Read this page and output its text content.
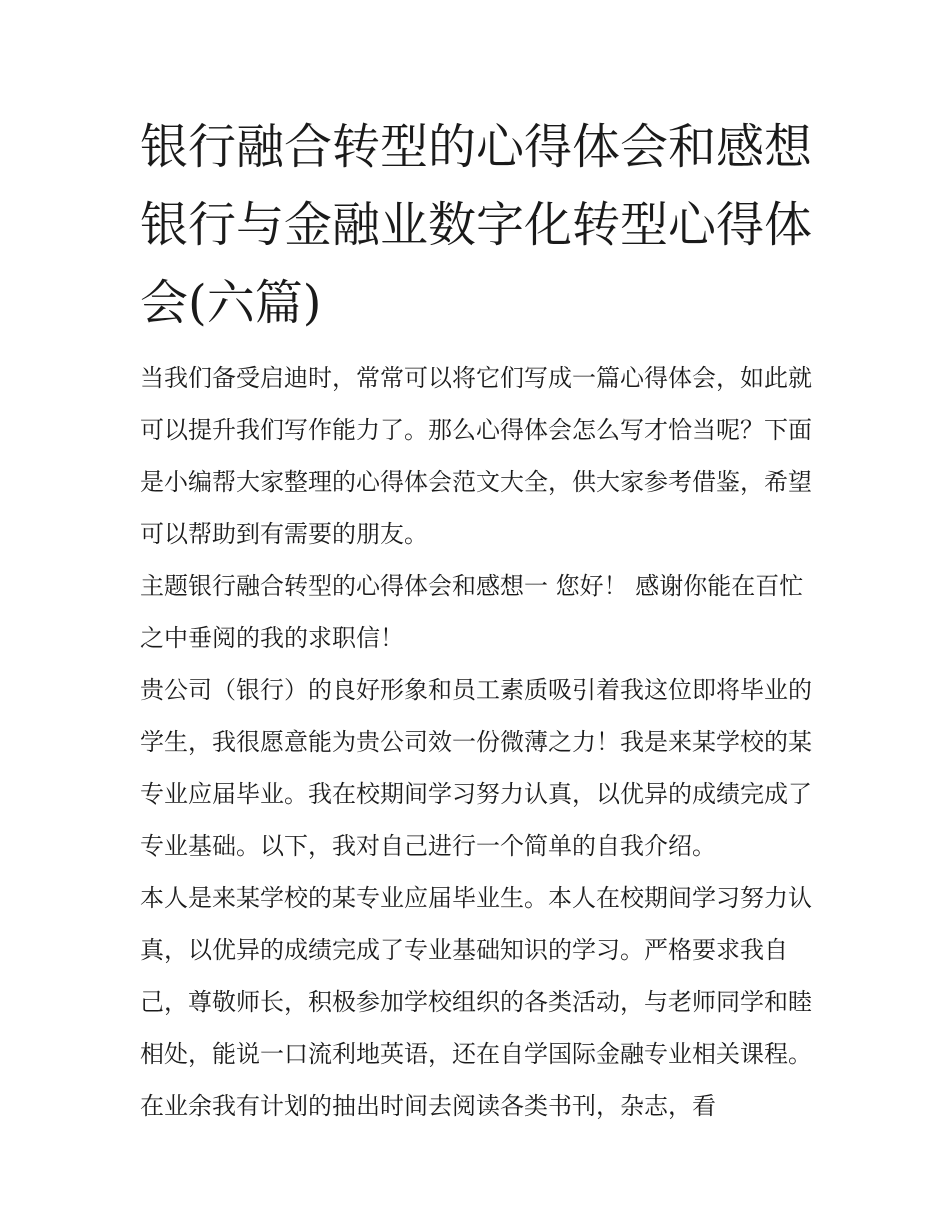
银行融合转型的心得体会和感想 银行与金融业数字化转型心得体会(六篇)

当我们备受启迪时，常常可以将它们写成一篇心得体会，如此就可以提升我们写作能力了。那么心得体会怎么写才恰当呢？下面是小编帮大家整理的心得体会范文大全，供大家参考借鉴，希望可以帮助到有需要的朋友。

主题银行融合转型的心得体会和感想一 您好！ 感谢你能在百忙之中垂阅的我的求职信！

贵公司（银行）的良好形象和员工素质吸引着我这位即将毕业的学生，我很愿意能为贵公司效一份微薄之力！我是来某学校的某专业应届毕业。我在校期间学习努力认真，以优异的成绩完成了专业基础。以下，我对自己进行一个简单的自我介绍。

本人是来某学校的某专业应届毕业生。本人在校期间学习努力认真，以优异的成绩完成了专业基础知识的学习。严格要求我自己，尊敬师长，积极参加学校组织的各类活动，与老师同学和睦相处，能说一口流利地英语，还在自学国际金融专业相关课程。在业余我有计划的抽出时间去阅读各类书刊，杂志，看
